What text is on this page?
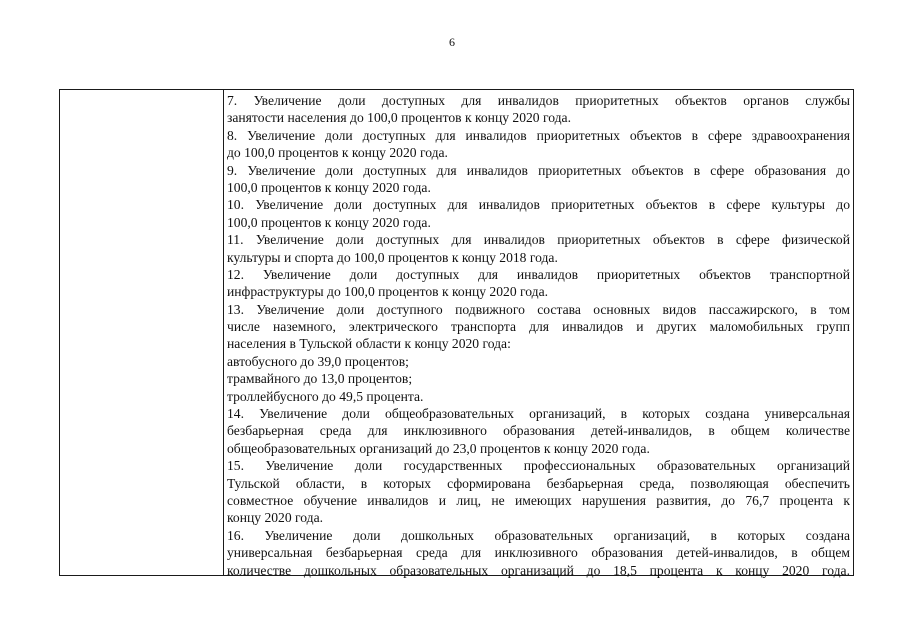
6
7. Увеличение доли доступных для инвалидов приоритетных объектов органов службы
занятости населения до 100,0 процентов к концу 2020 года.
8. Увеличение доли доступных для инвалидов приоритетных объектов в сфере здравоохранения
до 100,0 процентов к концу 2020 года.
9. Увеличение доли доступных для инвалидов приоритетных объектов в сфере образования до
100,0 процентов к концу 2020 года.
10. Увеличение доли доступных для инвалидов приоритетных объектов в сфере культуры до
100,0 процентов к концу 2020 года.
11. Увеличение доли доступных для инвалидов приоритетных объектов в сфере физической
культуры и спорта до 100,0 процентов к концу 2018 года.
12. Увеличение доли доступных для инвалидов приоритетных объектов транспортной
инфраструктуры до 100,0 процентов к концу 2020 года.
13. Увеличение доли доступного подвижного состава основных видов пассажирского, в том
числе наземного, электрического транспорта для инвалидов и других маломобильных групп
населения в Тульской области к концу 2020 года:
автобусного до 39,0 процентов;
трамвайного до 13,0 процентов;
троллейбусного до 49,5 процента.
14. Увеличение доли общеобразовательных организаций, в которых создана универсальная
безбарьерная среда для инклюзивного образования детей-инвалидов, в общем количестве
общеобразовательных организаций до 23,0 процентов к концу 2020 года.
15. Увеличение доли государственных профессиональных образовательных организаций
Тульской области, в которых сформирована безбарьерная среда, позволяющая обеспечить
совместное обучение инвалидов и лиц, не имеющих нарушения развития, до 76,7 процента к
концу 2020 года.
16. Увеличение доли дошкольных образовательных организаций, в которых создана
универсальная безбарьерная среда для инклюзивного образования детей-инвалидов, в общем
количестве дошкольных образовательных организаций до 18,5 процента к концу 2020 года.
